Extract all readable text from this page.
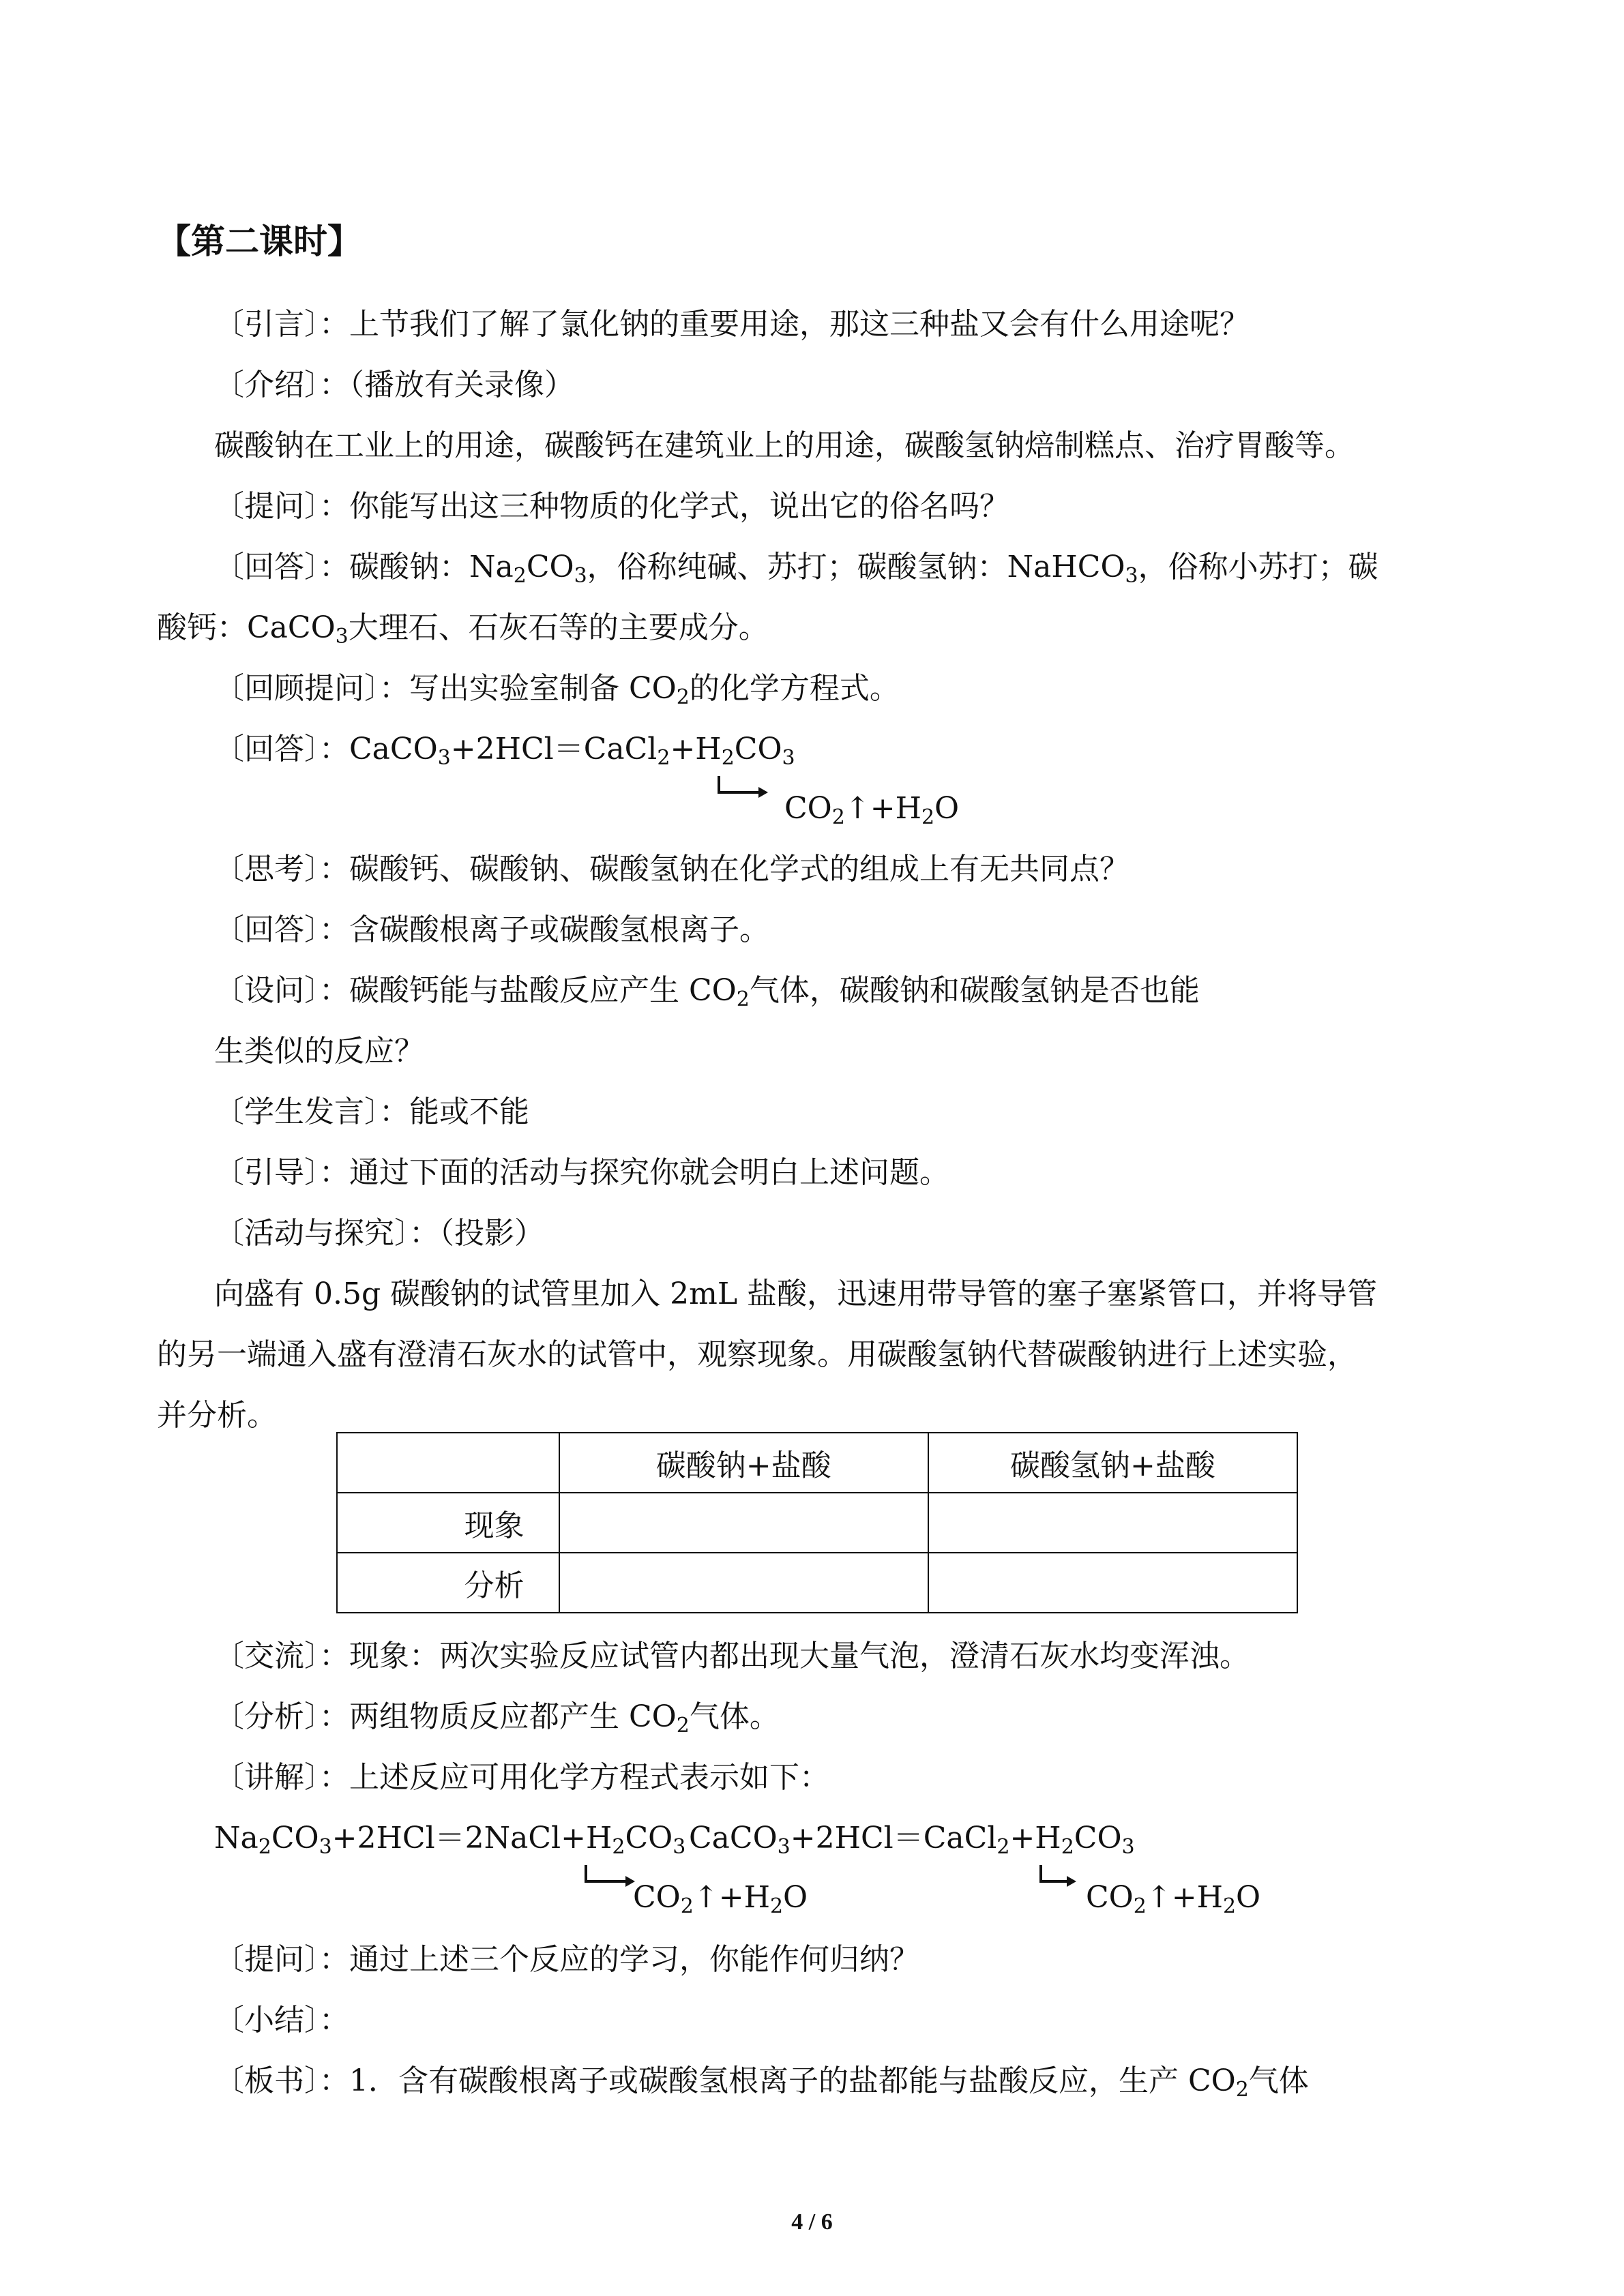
【第二课时】
〔引言〕：上节我们了解了氯化钠的重要用途，那这三种盐又会有什么用途呢？
〔介绍〕：（播放有关录像）
碳酸钠在工业上的用途，碳酸钙在建筑业上的用途，碳酸氢钠焙制糕点、治疗胃酸等。
〔提问〕：你能写出这三种物质的化学式，说出它的俗名吗？
〔回答〕：碳酸钠：$Na_2CO_3$，俗称纯碱、苏打；碳酸氢钠：NaHCO$_3$，俗称小苏打；碳
酸钙：CaCO$_3$大理石、石灰石等的主要成分。
〔回顾提问〕：写出实验室制备 $CO_2$的化学方程式。
〔回答〕：$CaCO_3+2HCl=CaCl_2+H_2CO_3$
$CO_2↑+H_2O$
〔思考〕：碳酸钙、碳酸钠、碳酸氢钠在化学式的组成上有无共同点？
〔回答〕：含碳酸根离子或碳酸氢根离子。
〔设问〕：碳酸钙能与盐酸反应产生 $CO_2$气体，碳酸钠和碳酸氢钠是否也能
生类似的反应？
〔学生发言〕：能或不能
〔引导〕：通过下面的活动与探究你就会明白上述问题。
〔活动与探究〕：（投影）
向盛有 0.5g 碳酸钠的试管里加入 2mL 盐酸，迅速用带导管的塞子塞紧管口，并将导管
的另一端通入盛有澄清石灰水的试管中，观察现象。用碳酸氢钠代替碳酸钠进行上述实验，
并分析。
	碳酸钠+盐酸	碳酸氢钠+盐酸
现象		
分析		
〔交流〕：现象：两次实验反应试管内都出现大量气泡，澄清石灰水均变浑浊。
〔分析〕：两组物质反应都产生 $CO_2$气体。
〔讲解〕：上述反应可用化学方程式表示如下：
$Na_2CO_3+2HCl=2NaCl+H_2CO_3$ $CaCO_3+2HCl=CaCl_2+H_2CO_3$
$CO_2↑+H_2O$	$CO_2↑+H_2O$
〔提问〕：通过上述三个反应的学习，你能作何归纳？
〔小结〕：
〔板书〕：1．含有碳酸根离子或碳酸氢根离子的盐都能与盐酸反应，生产 $CO_2$气体
4 / 6
